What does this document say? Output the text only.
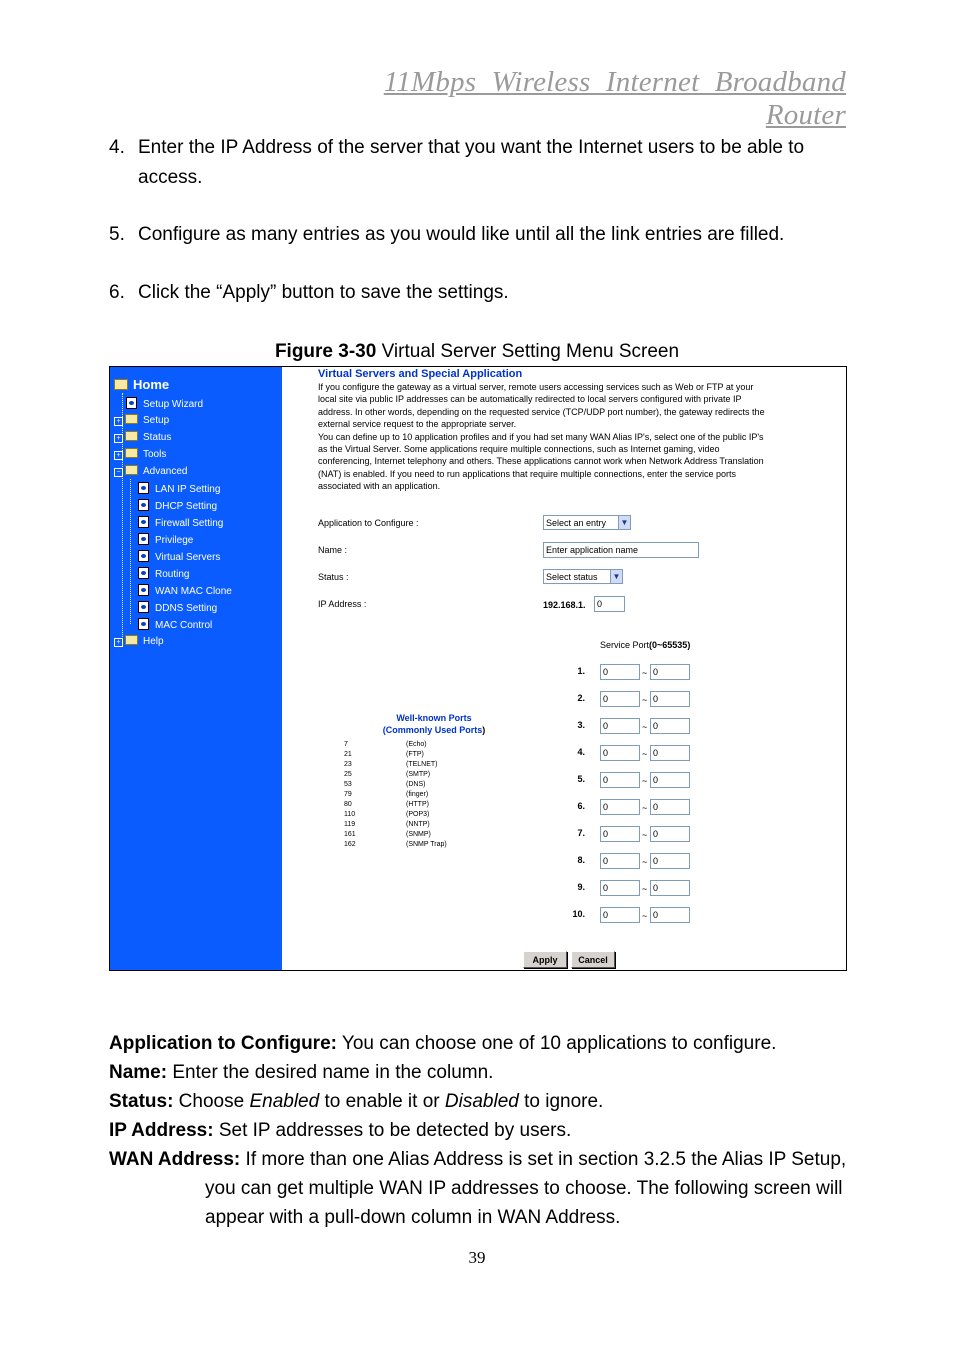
11Mbps Wireless Internet Broadband Router
4. Enter the IP Address of the server that you want the Internet users to be able to
access.
5. Configure as many entries as you would like until all the link entries are filled.
6. Click the “Apply” button to save the settings.
Figure 3-30 Virtual Server Setting Menu Screen
Home
Setup Wizard
+ Setup
+ Status
+ Tools
− Advanced
LAN IP Setting
DHCP Setting
Firewall Setting
Privilege
Virtual Servers
Routing
WAN MAC Clone
DDNS Setting
MAC Control
+ Help
Virtual Servers and Special Application
If you configure the gateway as a virtual server, remote users accessing services such as Web or FTP at your
local site via public IP addresses can be automatically redirected to local servers configured with private IP
address. In other words, depending on the requested service (TCP/UDP port number), the gateway redirects the
external service request to the appropriate server.
You can define up to 10 application profiles and if you had set many WAN Alias IP's, select one of the public IP's
as the Virtual Server. Some applications require multiple connections, such as Internet gaming, video
conferencing, Internet telephony and others. These applications cannot work when Network Address Translation
(NAT) is enabled. If you need to run applications that require multiple connections, enter the service ports
associated with an application.
Application to Configure :	Select an entry	▼
Name :	Enter application name
Status :	Select status	▼
IP Address :	192.168.1.	0
Service Port(0~65535)
1.	0	~ 0
2.	0	~ 0
3.	0	~ 0
4.	0	~ 0
5.	0	~ 0
6.	0	~ 0
7.	0	~ 0
8.	0	~ 0
9.	0	~ 0
10.	0	~ 0
Well-known Ports
(Commonly Used Ports)
7	(Echo)
21	(FTP)
23	(TELNET)
25	(SMTP)
53	(DNS)
79	(finger)
80	(HTTP)
110	(POP3)
119	(NNTP)
161	(SNMP)
162	(SNMP Trap)
Apply	Cancel
Application to Configure: You can choose one of 10 applications to configure.
Name: Enter the desired name in the column.
Status: Choose Enabled to enable it or Disabled to ignore.
IP Address: Set IP addresses to be detected by users.
WAN Address: If more than one Alias Address is set in section 3.2.5 the Alias IP Setup,
you can get multiple WAN IP addresses to choose. The following screen will
appear with a pull-down column in WAN Address.
39
